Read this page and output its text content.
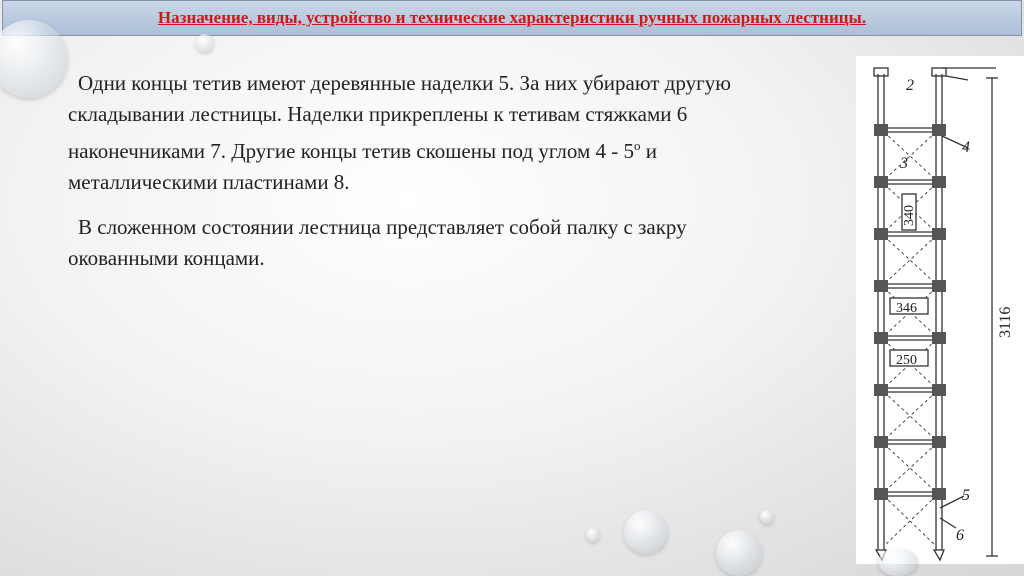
Назначение, виды, устройство и технические характеристики ручных пожарных лестницы.

Одни концы тетив имеют деревянные наделки 5. За них убирают другую
складывании лестницы. Наделки прикреплены к тетивам стяжками 6
наконечниками 7. Другие концы тетив скошены под углом $4 - 5^о$ и
металлическими пластинами 8.

В сложенном состоянии лестница представляет собой палку с закру
окованными концами.

2
4
3
5
6
340
346
250
3116
